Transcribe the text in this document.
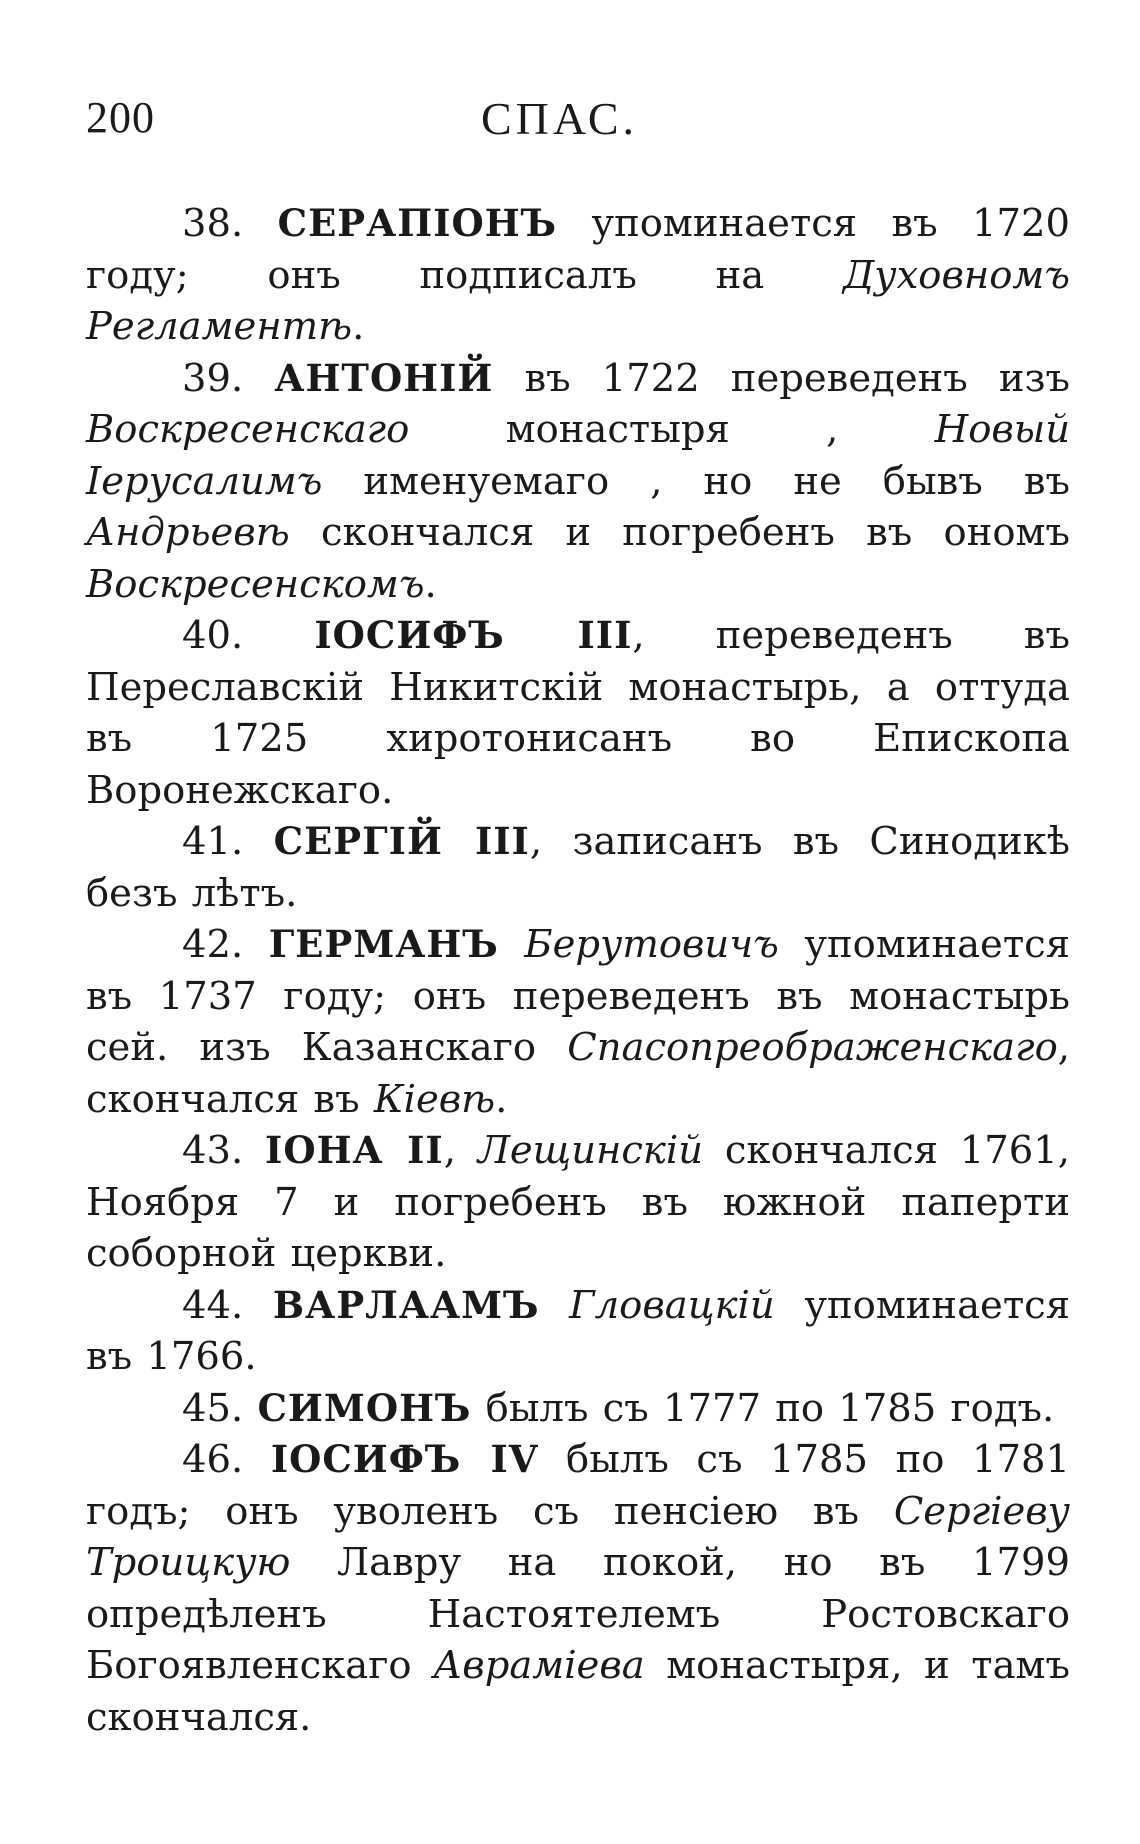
200	СПАС.

38. СЕРАПІОНЪ упоминается въ 1720 году; онъ подписалъ на Духовномъ Регламентѣ.

39. АНТОНІЙ въ 1722 переведенъ изъ Воскресенскаго монастыря , Новый Іерусалимъ именуемаго , но не бывъ въ Андрьевѣ скончался и погребенъ въ ономъ Воскресенскомъ.

40. ІОСИФЪ III, переведенъ въ Переславскій Никитскій монастырь, а оттуда въ 1725 хиротонисанъ во Епископа Воронежскаго.

41. СЕРГІЙ III, записанъ въ Синодикѣ безъ лѣтъ.

42. ГЕРМАНЪ Берутовичъ упоминается въ 1737 году; онъ переведенъ въ монастырь сей. изъ Казанскаго Спасопреображенскаго, скончался въ Кіевѣ.

43. ІОНА II, Лещинскій скончался 1761, Ноября 7 и погребенъ въ южной паперти соборной церкви.

44. ВАРЛААМЪ Гловацкій упоминается въ 1766.

45. СИМОНЪ былъ съ 1777 по 1785 годъ.

46. ІОСИФЪ IV былъ съ 1785 по 1781 годъ; онъ уволенъ съ пенсіею въ Сергіеву Троицкую Лавру на покой, но въ 1799 опредѣленъ Настоятелемъ Ростовскаго Богоявленскаго Авраміева монастыря, и тамъ скончался.
